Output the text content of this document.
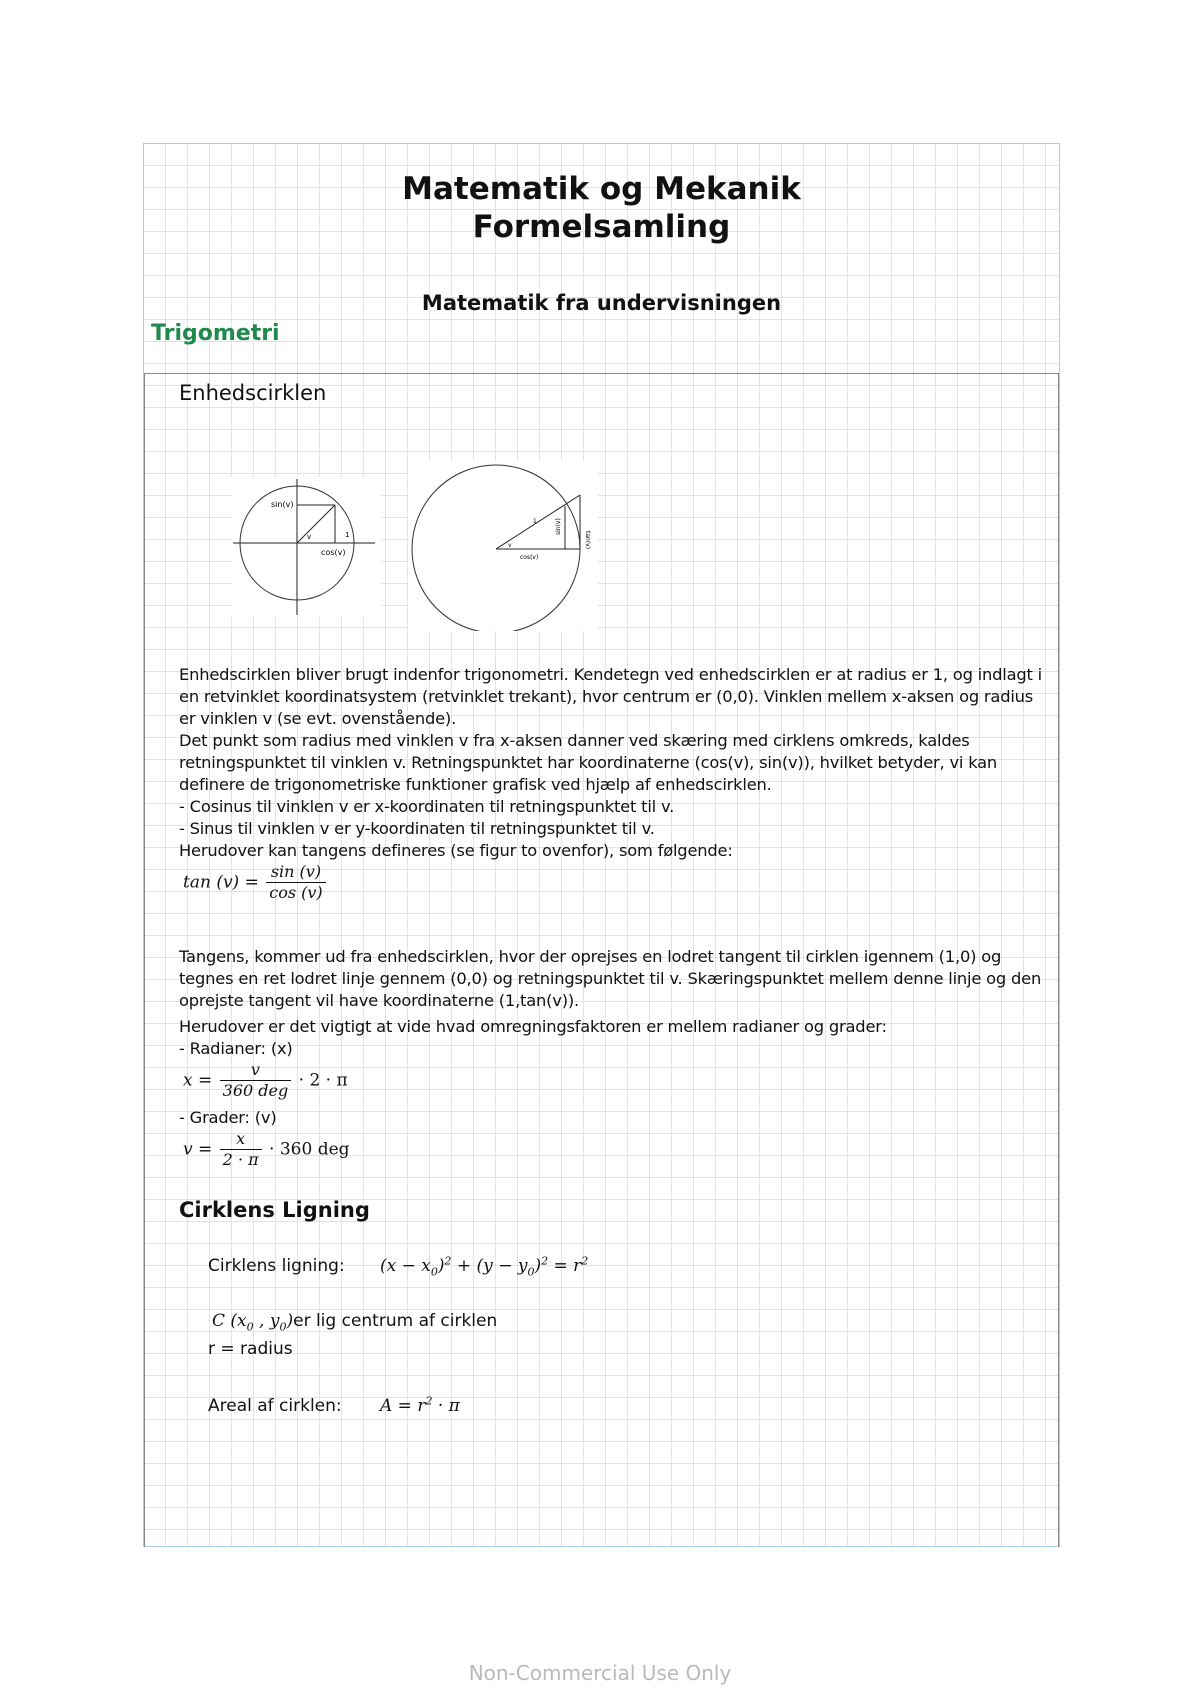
Matematik og Mekanik
Formelsamling
Matematik fra undervisningen
Trigometri
Enhedscirklen
sin(v)
cos(v)
v	1
cos(v)
sin(v)
tan(v)
v
1
Enhedscirklen bliver brugt indenfor trigonometri. Kendetegn ved enhedscirklen er at radius er 1, og indlagt i
en retvinklet koordinatsystem (retvinklet trekant), hvor centrum er (0,0). Vinklen mellem x-aksen og radius
er vinklen v (se evt. ovenstående).
Det punkt som radius med vinklen v fra x-aksen danner ved skæring med cirklens omkreds, kaldes
retningspunktet til vinklen v. Retningspunktet har koordinaterne (cos(v), sin(v)), hvilket betyder, vi kan
definere de trigonometriske funktioner grafisk ved hjælp af enhedscirklen.
- Cosinus til vinklen v er x-koordinaten til retningspunktet til v.
- Sinus til vinklen v er y-koordinaten til retningspunktet til v.
Herudover kan tangens defineres (se figur to ovenfor), som følgende:
$\tan (v) = \frac{\sin (v)}{\cos (v)}$
Tangens, kommer ud fra enhedscirklen, hvor der oprejses en lodret tangent til cirklen igennem (1,0) og
tegnes en ret lodret linje gennem (0,0) og retningspunktet til v. Skæringspunktet mellem denne linje og den
oprejste tangent vil have koordinaterne (1,tan(v)).
Herudover er det vigtigt at vide hvad omregningsfaktoren er mellem radianer og grader:
- Radianer: (x)
$x = \frac{v}{\text{360 deg}} \cdot 2 \cdot \pi$
- Grader: (v)
$v = \frac{x}{2 \cdot \pi} \cdot 360$ deg
Cirklens Ligning
Cirklens ligning: $(x - x_0)^2 + (y - y_0)^2 = r^2$
C ($x_0$ , $y_0)er$ lig centrum af cirklen
r = radius
Areal af cirklen: $A = r^2 \cdot \pi$
Non-Commercial Use Only
